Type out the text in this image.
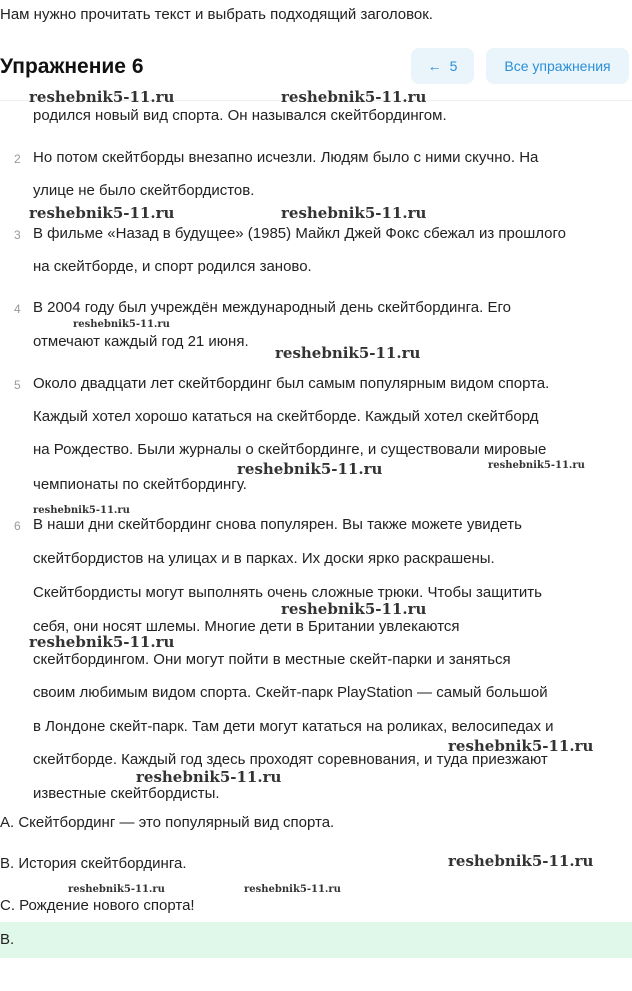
Нам нужно прочитать текст и выбрать подходящий заголовок.
Упражнение 6	← 5	Все упражнения
2
3
4
5
6
родился новый вид спорта. Он назывался скейтбордингом.
Но потом скейтборды внезапно исчезли. Людям было с ними скучно. На
улице не было скейтбордистов.
В фильме «Назад в будущее» (1985) Майкл Джей Фокс сбежал из прошлого
на скейтборде, и спорт родился заново.
В 2004 году был учреждён международный день скейтбординга. Его
отмечают каждый год 21 июня.
Около двадцати лет скейтбординг был самым популярным видом спорта.
Каждый хотел хорошо кататься на скейтборде. Каждый хотел скейтборд
на Рождество. Были журналы о скейтбординге, и существовали мировые
чемпионаты по скейтбордингу.
В наши дни скейтбординг снова популярен. Вы также можете увидеть
скейтбордистов на улицах и в парках. Их доски ярко раскрашены.
Скейтбордисты могут выполнять очень сложные трюки. Чтобы защитить
себя, они носят шлемы. Многие дети в Британии увлекаются
скейтбордингом. Они могут пойти в местные скейт-парки и заняться
своим любимым видом спорта. Скейт-парк PlayStation — самый большой
в Лондоне скейт-парк. Там дети могут кататься на роликах, велосипедах и
скейтборде. Каждый год здесь проходят соревнования, и туда приезжают
известные скейтбордисты.
reshebnik5-11.ru	reshebnik5-11.ru
reshebnik5-11.ru	reshebnik5-11.ru
reshebnik5-11.ru
reshebnik5-11.ru
reshebnik5-11.ru	reshebnik5-11.ru
reshebnik5-11.ru
reshebnik5-11.ru
reshebnik5-11.ru
reshebnik5-11.ru
reshebnik5-11.ru
reshebnik5-11.ru
reshebnik5-11.ru	reshebnik5-11.ru
A. Скейтбординг — это популярный вид спорта.
B. История скейтбординга.
C. Рождение нового спорта!
B.
